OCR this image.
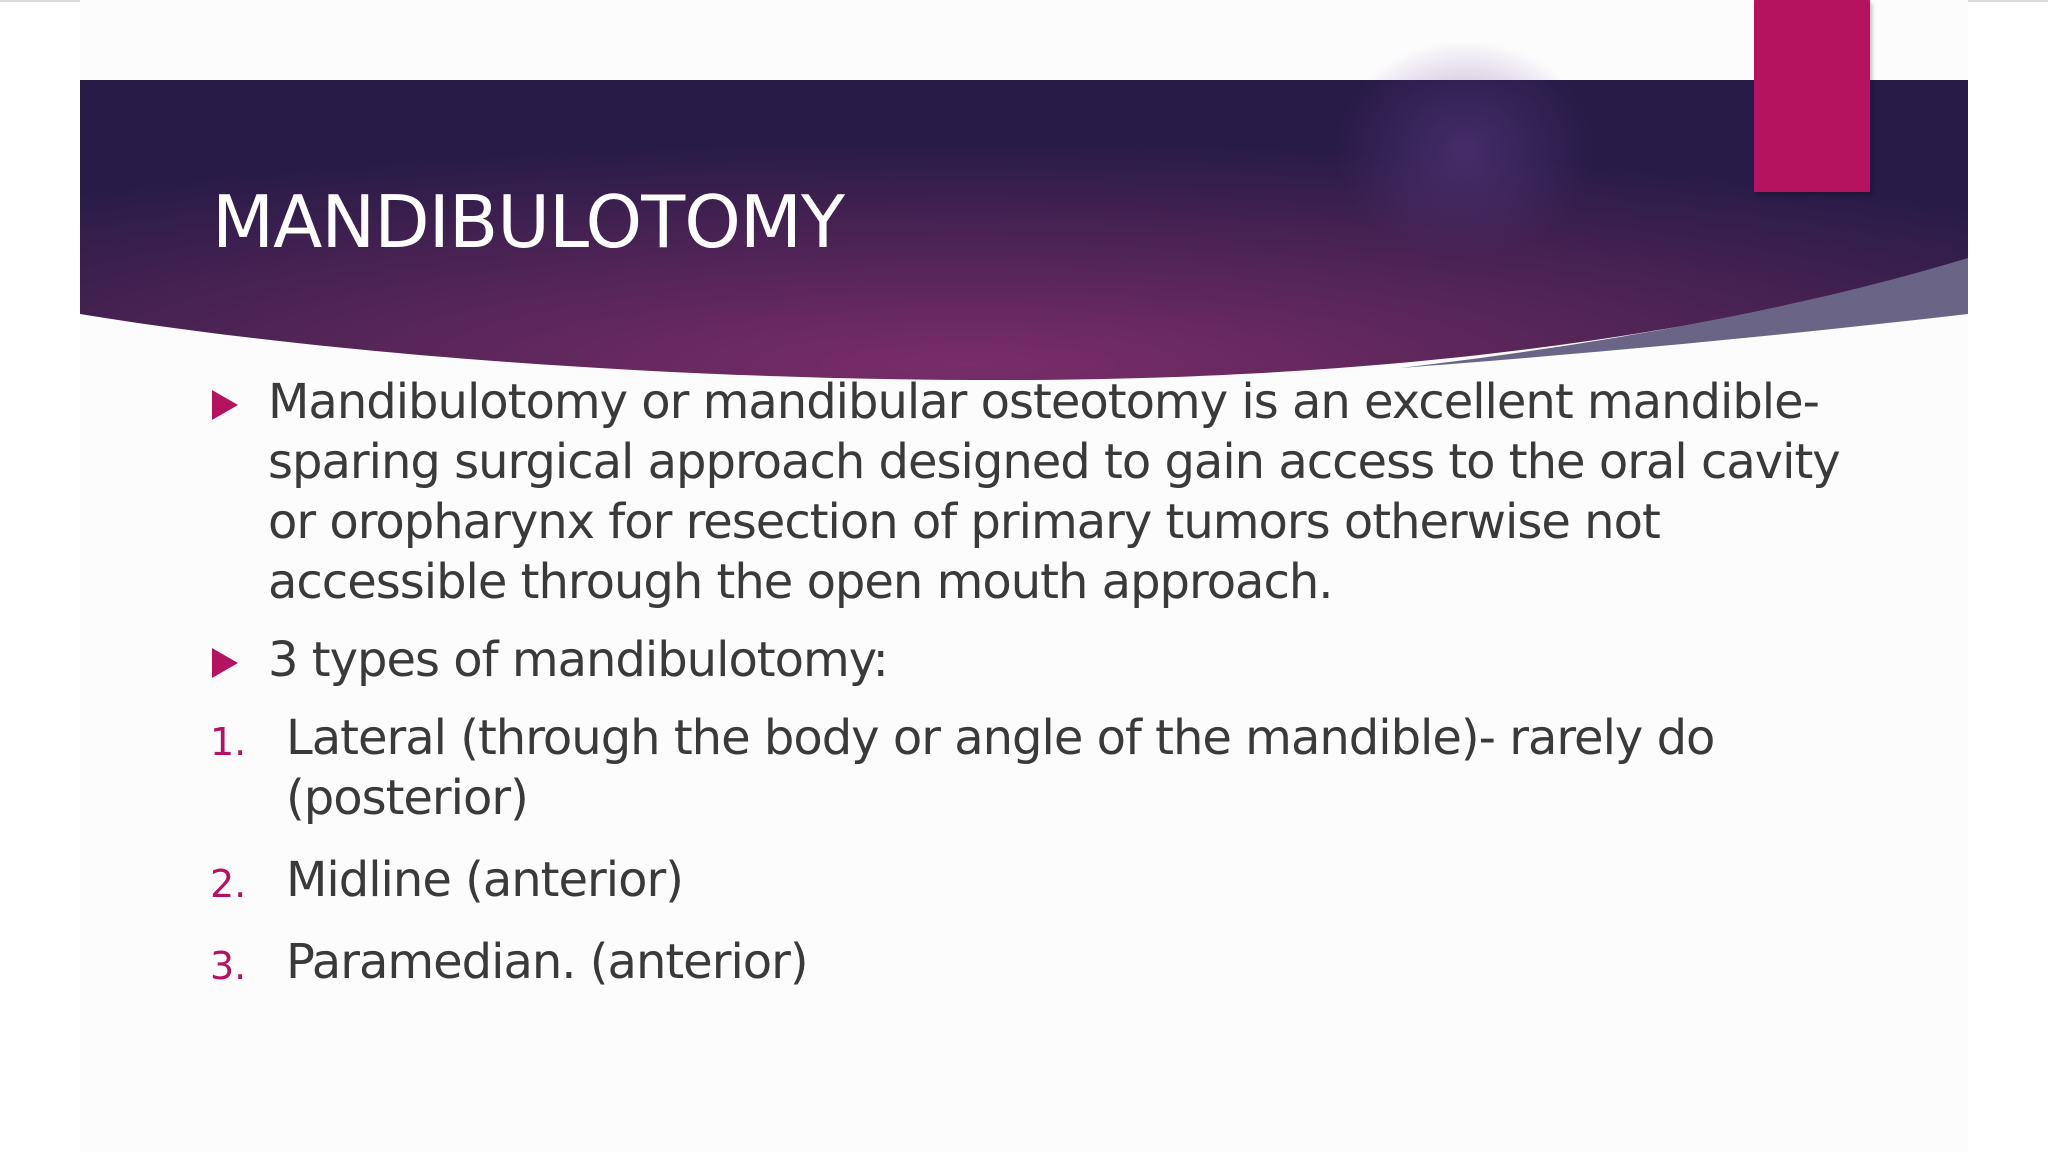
MANDIBULOTOMY
Mandibulotomy or mandibular osteotomy is an excellent mandible-sparing surgical approach designed to gain access to the oral cavity or oropharynx for resection of primary tumors otherwise not accessible through the open mouth approach.
3 types of mandibulotomy:
1. Lateral (through the body or angle of the mandible)- rarely do (posterior)
2. Midline (anterior)
3. Paramedian. (anterior)
